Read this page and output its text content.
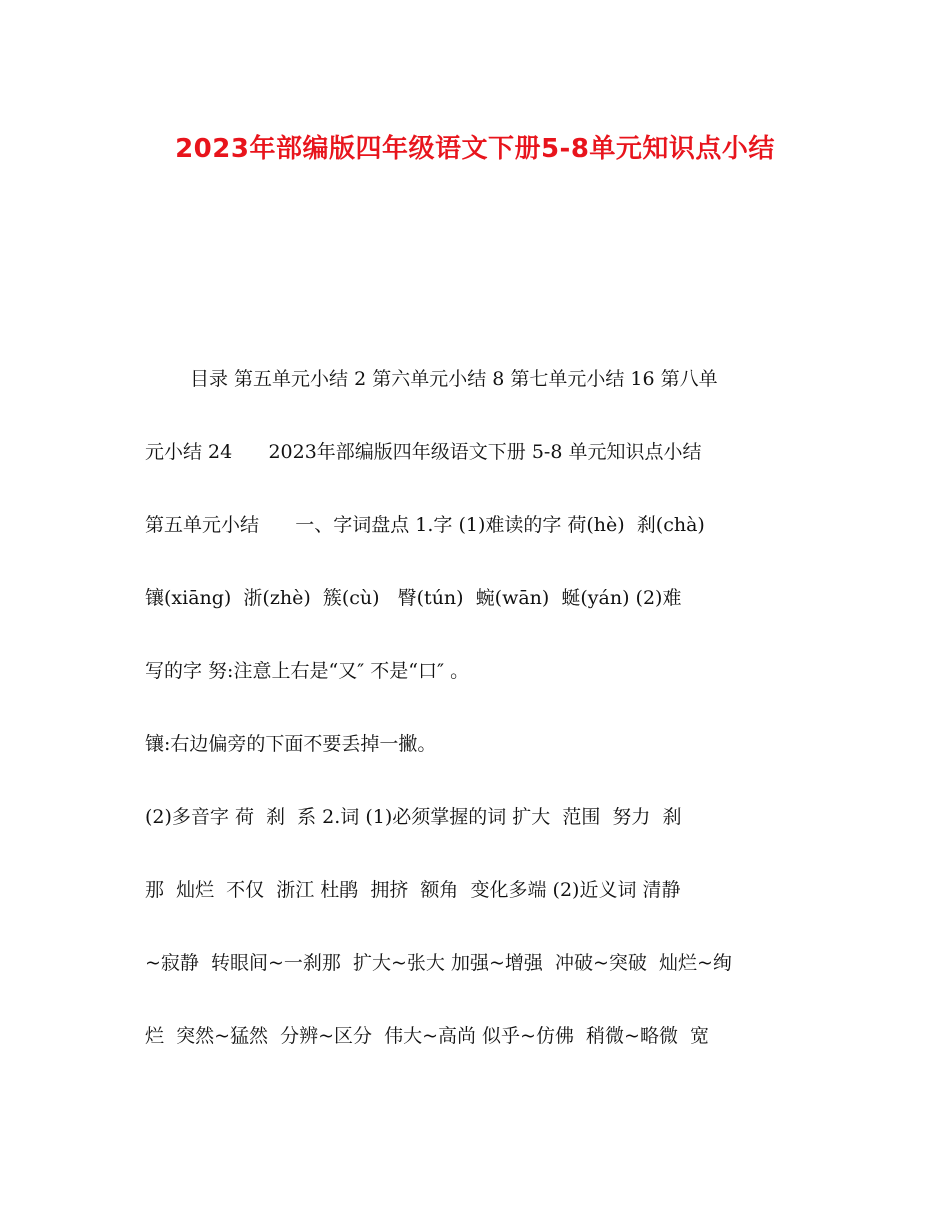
2023年部编版四年级语文下册5-8单元知识点小结
目录 第五单元小结 2 第六单元小结 8 第七单元小结 16 第八单
元小结 24      2023年部编版四年级语文下册 5-8 单元知识点小结
第五单元小结      一、字词盘点 1.字 (1)难读的字 荷(hè)  刹(chà)
镶(xiāng)  浙(zhè)  簇(cù)   臀(tún)  蜿(wān)  蜒(yán) (2)难
写的字 努:注意上右是“又″ 不是“口″ 。
镶:右边偏旁的下面不要丢掉一撇。
(2)多音字 荷  刹  系 2.词 (1)必须掌握的词 扩大  范围  努力  刹
那  灿烂  不仅  浙江 杜鹃  拥挤  额角  变化多端 (2)近义词 清静
~寂静  转眼间~一刹那  扩大~张大 加强~增强  冲破~突破  灿烂~绚
烂  突然~猛然  分辨~区分  伟大~高尚 似乎~仿佛  稍微~略微  宽
